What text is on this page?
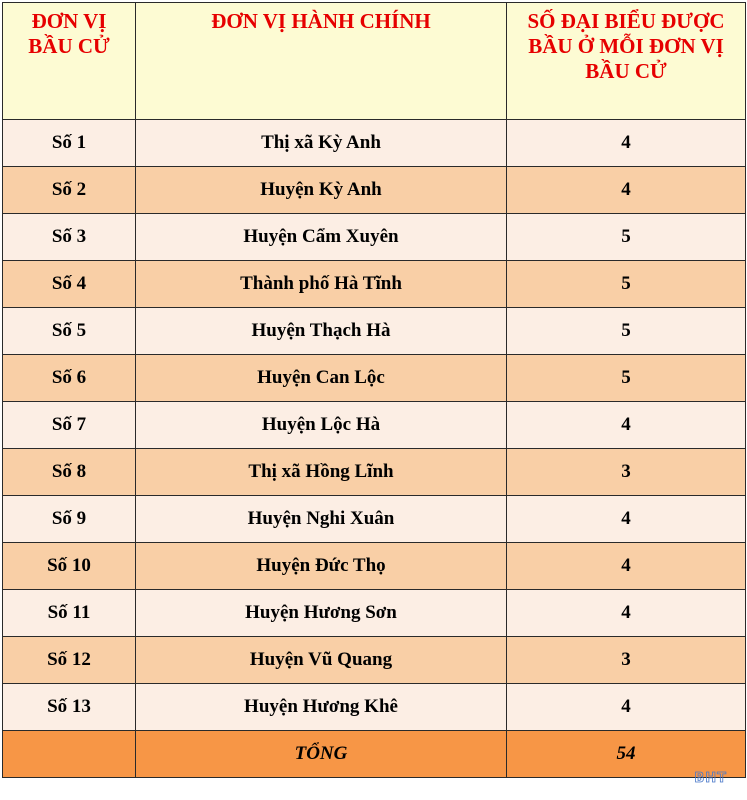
ĐƠN VỊ BẦU CỬ	ĐƠN VỊ HÀNH CHÍNH	SỐ ĐẠI BIỂU ĐƯỢC BẦU Ở MỖI ĐƠN VỊ BẦU CỬ
Số 1	Thị xã Kỳ Anh	4
Số 2	Huyện Kỳ Anh	4
Số 3	Huyện Cẩm Xuyên	5
Số 4	Thành phố Hà Tĩnh	5
Số 5	Huyện Thạch Hà	5
Số 6	Huyện Can Lộc	5
Số 7	Huyện Lộc Hà	4
Số 8	Thị xã Hồng Lĩnh	3
Số 9	Huyện Nghi Xuân	4
Số 10	Huyện Đức Thọ	4
Số 11	Huyện Hương Sơn	4
Số 12	Huyện Vũ Quang	3
Số 13	Huyện Hương Khê	4
	TỔNG	54
BHT
